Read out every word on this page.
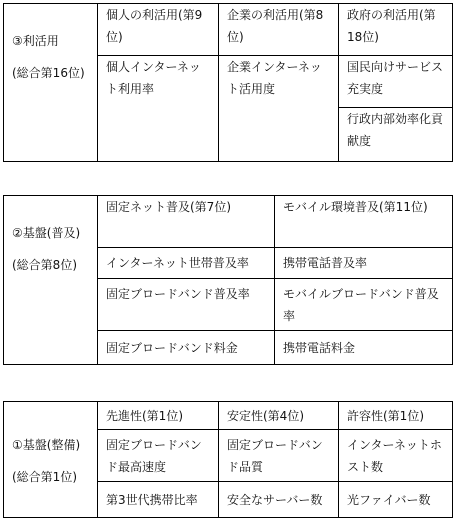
③利活用
(総合第16位)	個人の利活用(第9位)	企業の利活用(第8位)	政府の利活用(第18位)
	個人インターネット利用率	企業インターネット活用度	国民向けサービス充実度
			行政内部効率化貢献度
②基盤(普及)
(総合第8位)	固定ネット普及(第7位)	モバイル環境普及(第11位)
	インターネット世帯普及率	携帯電話普及率
	固定ブロードバンド普及率	モバイルブロードバンド普及率
	固定ブロードバンド料金	携帯電話料金
①基盤(整備)
(総合第1位)	先進性(第1位)	安定性(第4位)	許容性(第1位)
	固定ブロードバンド最高速度	固定ブロードバンド品質	インターネットホスト数
	第3世代携帯比率	安全なサーバー数	光ファイバー数
